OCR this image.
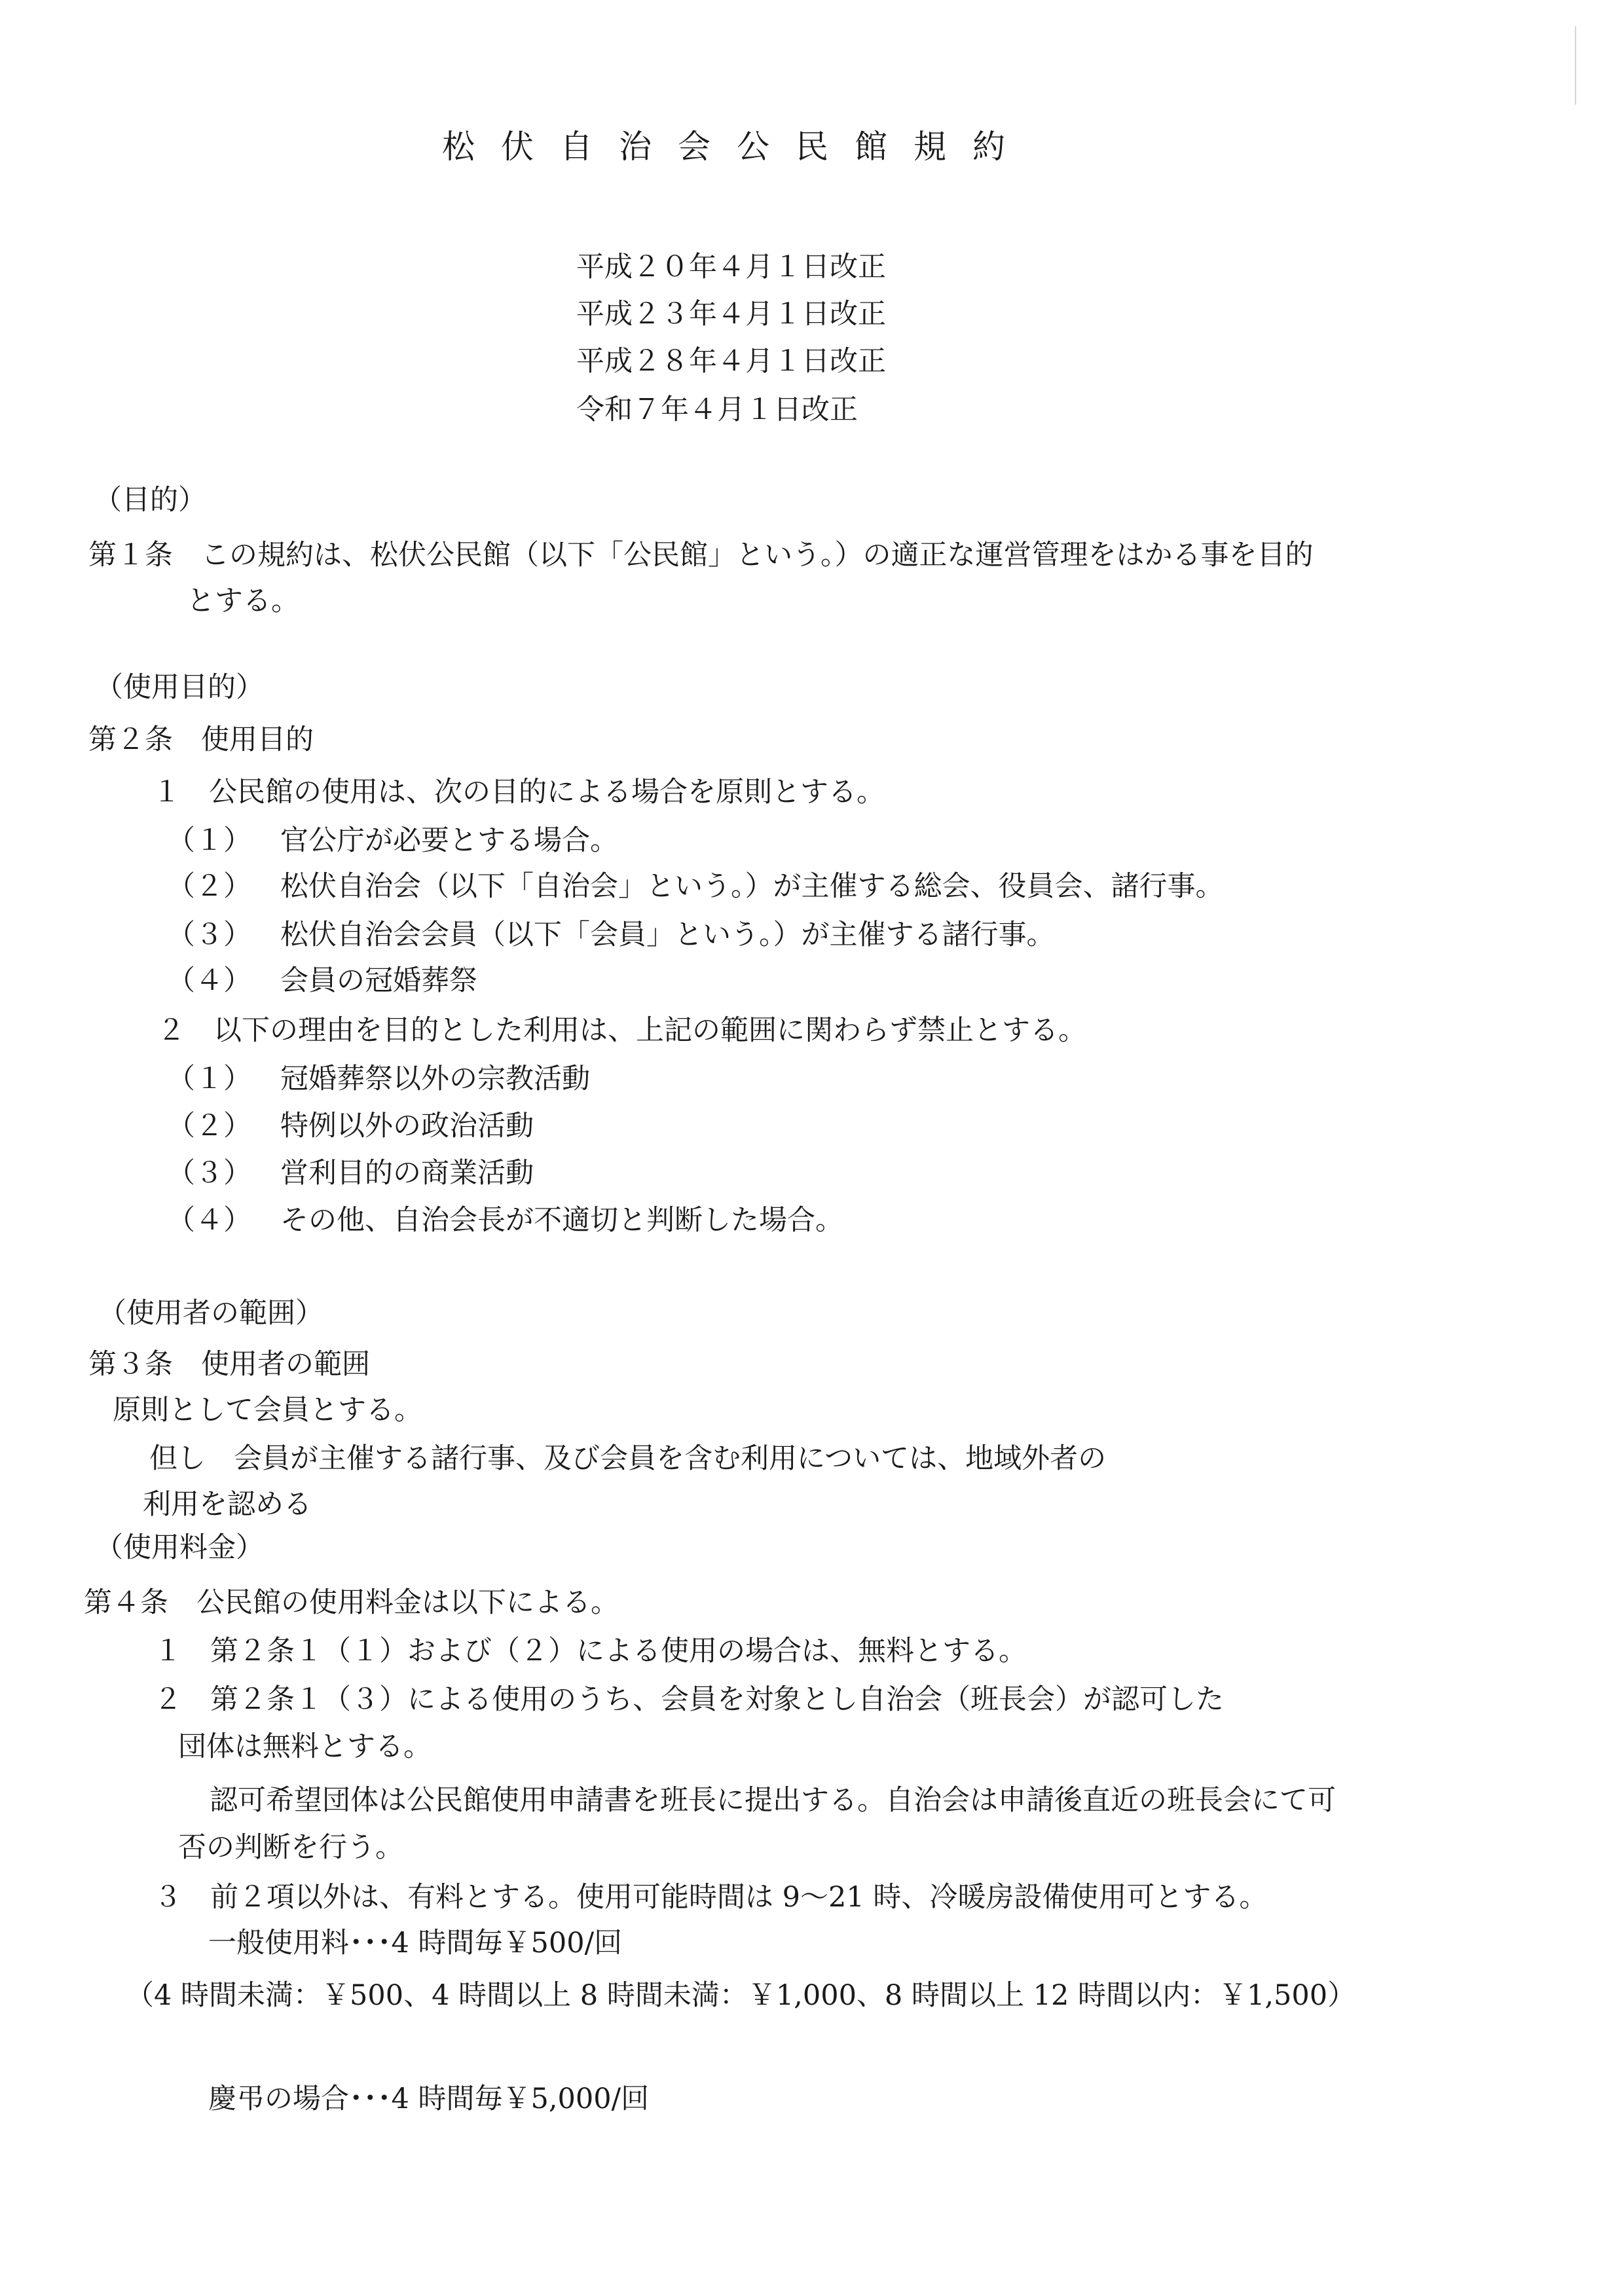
松伏自治会公民館規約
平成２０年４月１日改正
平成２３年４月１日改正
平成２８年４月１日改正
令和７年４月１日改正
（目的）
第１条　この規約は、松伏公民館（以下「公民館」という。）の適正な運営管理をはかる事を目的
とする。
（使用目的）
第２条　使用目的
１　公民館の使用は、次の目的による場合を原則とする。
（１） 官公庁が必要とする場合。
（２） 松伏自治会（以下「自治会」という。）が主催する総会、役員会、諸行事。
（３） 松伏自治会会員（以下「会員」という。）が主催する諸行事。
（４） 会員の冠婚葬祭
２　以下の理由を目的とした利用は、上記の範囲に関わらず禁止とする。
（１） 冠婚葬祭以外の宗教活動
（２） 特例以外の政治活動
（３） 営利目的の商業活動
（４） その他、自治会長が不適切と判断した場合。
（使用者の範囲）
第３条　使用者の範囲
原則として会員とする。
但し　会員が主催する諸行事、及び会員を含む利用については、地域外者の
利用を認める
（使用料金）
第４条　公民館の使用料金は以下による。
１　第２条１（１）および（２）による使用の場合は、無料とする。
２　第２条１（３）による使用のうち、会員を対象とし自治会（班長会）が認可した
団体は無料とする。
認可希望団体は公民館使用申請書を班長に提出する。自治会は申請後直近の班長会にて可
否の判断を行う。
３　前２項以外は、有料とする。使用可能時間は 9～21 時、冷暖房設備使用可とする。
一般使用料･･･4 時間毎￥500/回
（4 時間未満：￥500、4 時間以上 8 時間未満：￥1,000、8 時間以上 12 時間以内：￥1,500）
慶弔の場合･･･4 時間毎￥5,000/回
